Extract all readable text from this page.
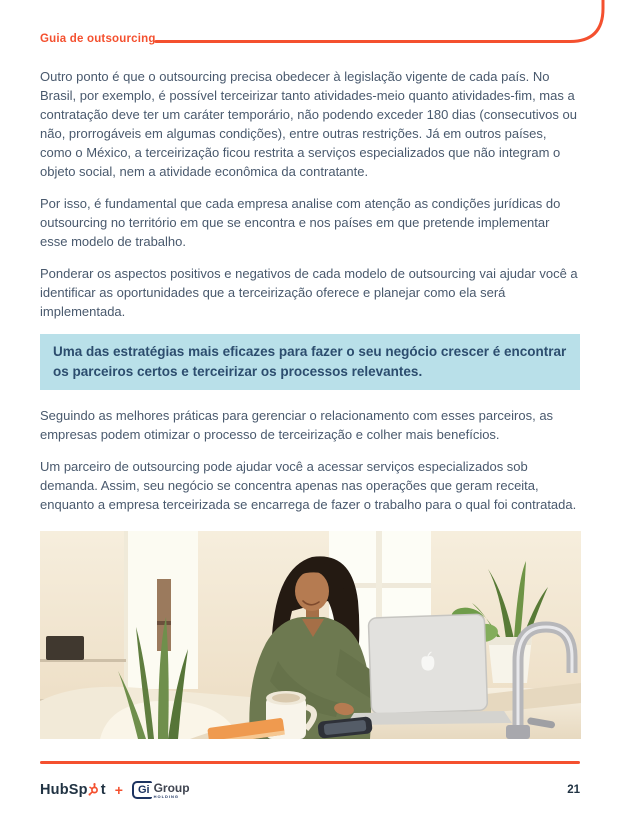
Guia de outsourcing

Outro ponto é que o outsourcing precisa obedecer à legislação vigente de cada país. No Brasil, por exemplo, é possível terceirizar tanto atividades-meio quanto atividades-fim, mas a contratação deve ter um caráter temporário, não podendo exceder 180 dias (consecutivos ou não, prorrogáveis em algumas condições), entre outras restrições. Já em outros países, como o México, a terceirização ficou restrita a serviços especializados que não integram o objeto social, nem a atividade econômica da contratante.

Por isso, é fundamental que cada empresa analise com atenção as condições jurídicas do outsourcing no território em que se encontra e nos países em que pretende implementar esse modelo de trabalho.

Ponderar os aspectos positivos e negativos de cada modelo de outsourcing vai ajudar você a identificar as oportunidades que a terceirização oferece e planejar como ela será implementada.

Uma das estratégias mais eficazes para fazer o seu negócio crescer é encontrar os parceiros certos e terceirizar os processos relevantes.

Seguindo as melhores práticas para gerenciar o relacionamento com esses parceiros, as empresas podem otimizar o processo de terceirização e colher mais benefícios.

Um parceiro de outsourcing pode ajudar você a acessar serviços especializados sob demanda. Assim, seu negócio se concentra apenas nas operações que geram receita, enquanto a empresa terceirizada se encarrega de fazer o trabalho para o qual foi contratada.

HubSp t +	Gi Group
HOLDING	21
